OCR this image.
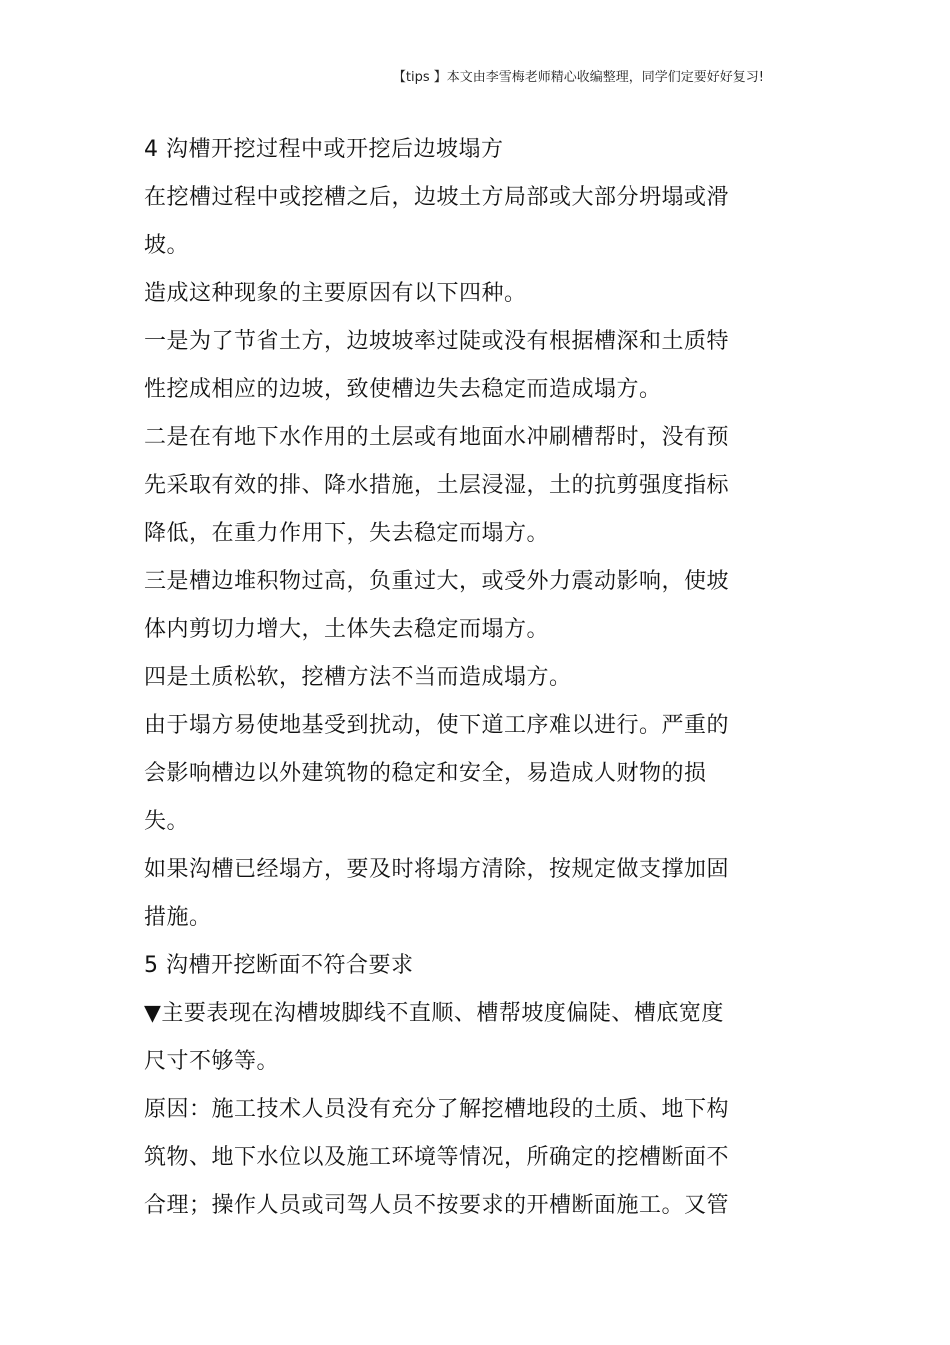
【tips 】本文由李雪梅老师精心收编整理，同学们定要好好复习!
4 沟槽开挖过程中或开挖后边坡塌方
在挖槽过程中或挖槽之后，边坡土方局部或大部分坍塌或滑
坡。
造成这种现象的主要原因有以下四种。
一是为了节省土方，边坡坡率过陡或没有根据槽深和土质特
性挖成相应的边坡，致使槽边失去稳定而造成塌方。
二是在有地下水作用的土层或有地面水冲刷槽帮时，没有预
先采取有效的排、降水措施，土层浸湿，土的抗剪强度指标
降低，在重力作用下，失去稳定而塌方。
三是槽边堆积物过高，负重过大，或受外力震动影响，使坡
体内剪切力增大，土体失去稳定而塌方。
四是土质松软，挖槽方法不当而造成塌方。
由于塌方易使地基受到扰动，使下道工序难以进行。严重的
会影响槽边以外建筑物的稳定和安全，易造成人财物的损
失。
如果沟槽已经塌方，要及时将塌方清除，按规定做支撑加固
措施。
5 沟槽开挖断面不符合要求
▼主要表现在沟槽坡脚线不直顺、槽帮坡度偏陡、槽底宽度
尺寸不够等。
原因：施工技术人员没有充分了解挖槽地段的土质、地下构
筑物、地下水位以及施工环境等情况，所确定的挖槽断面不
合理；操作人员或司驾人员不按要求的开槽断面施工。又管
